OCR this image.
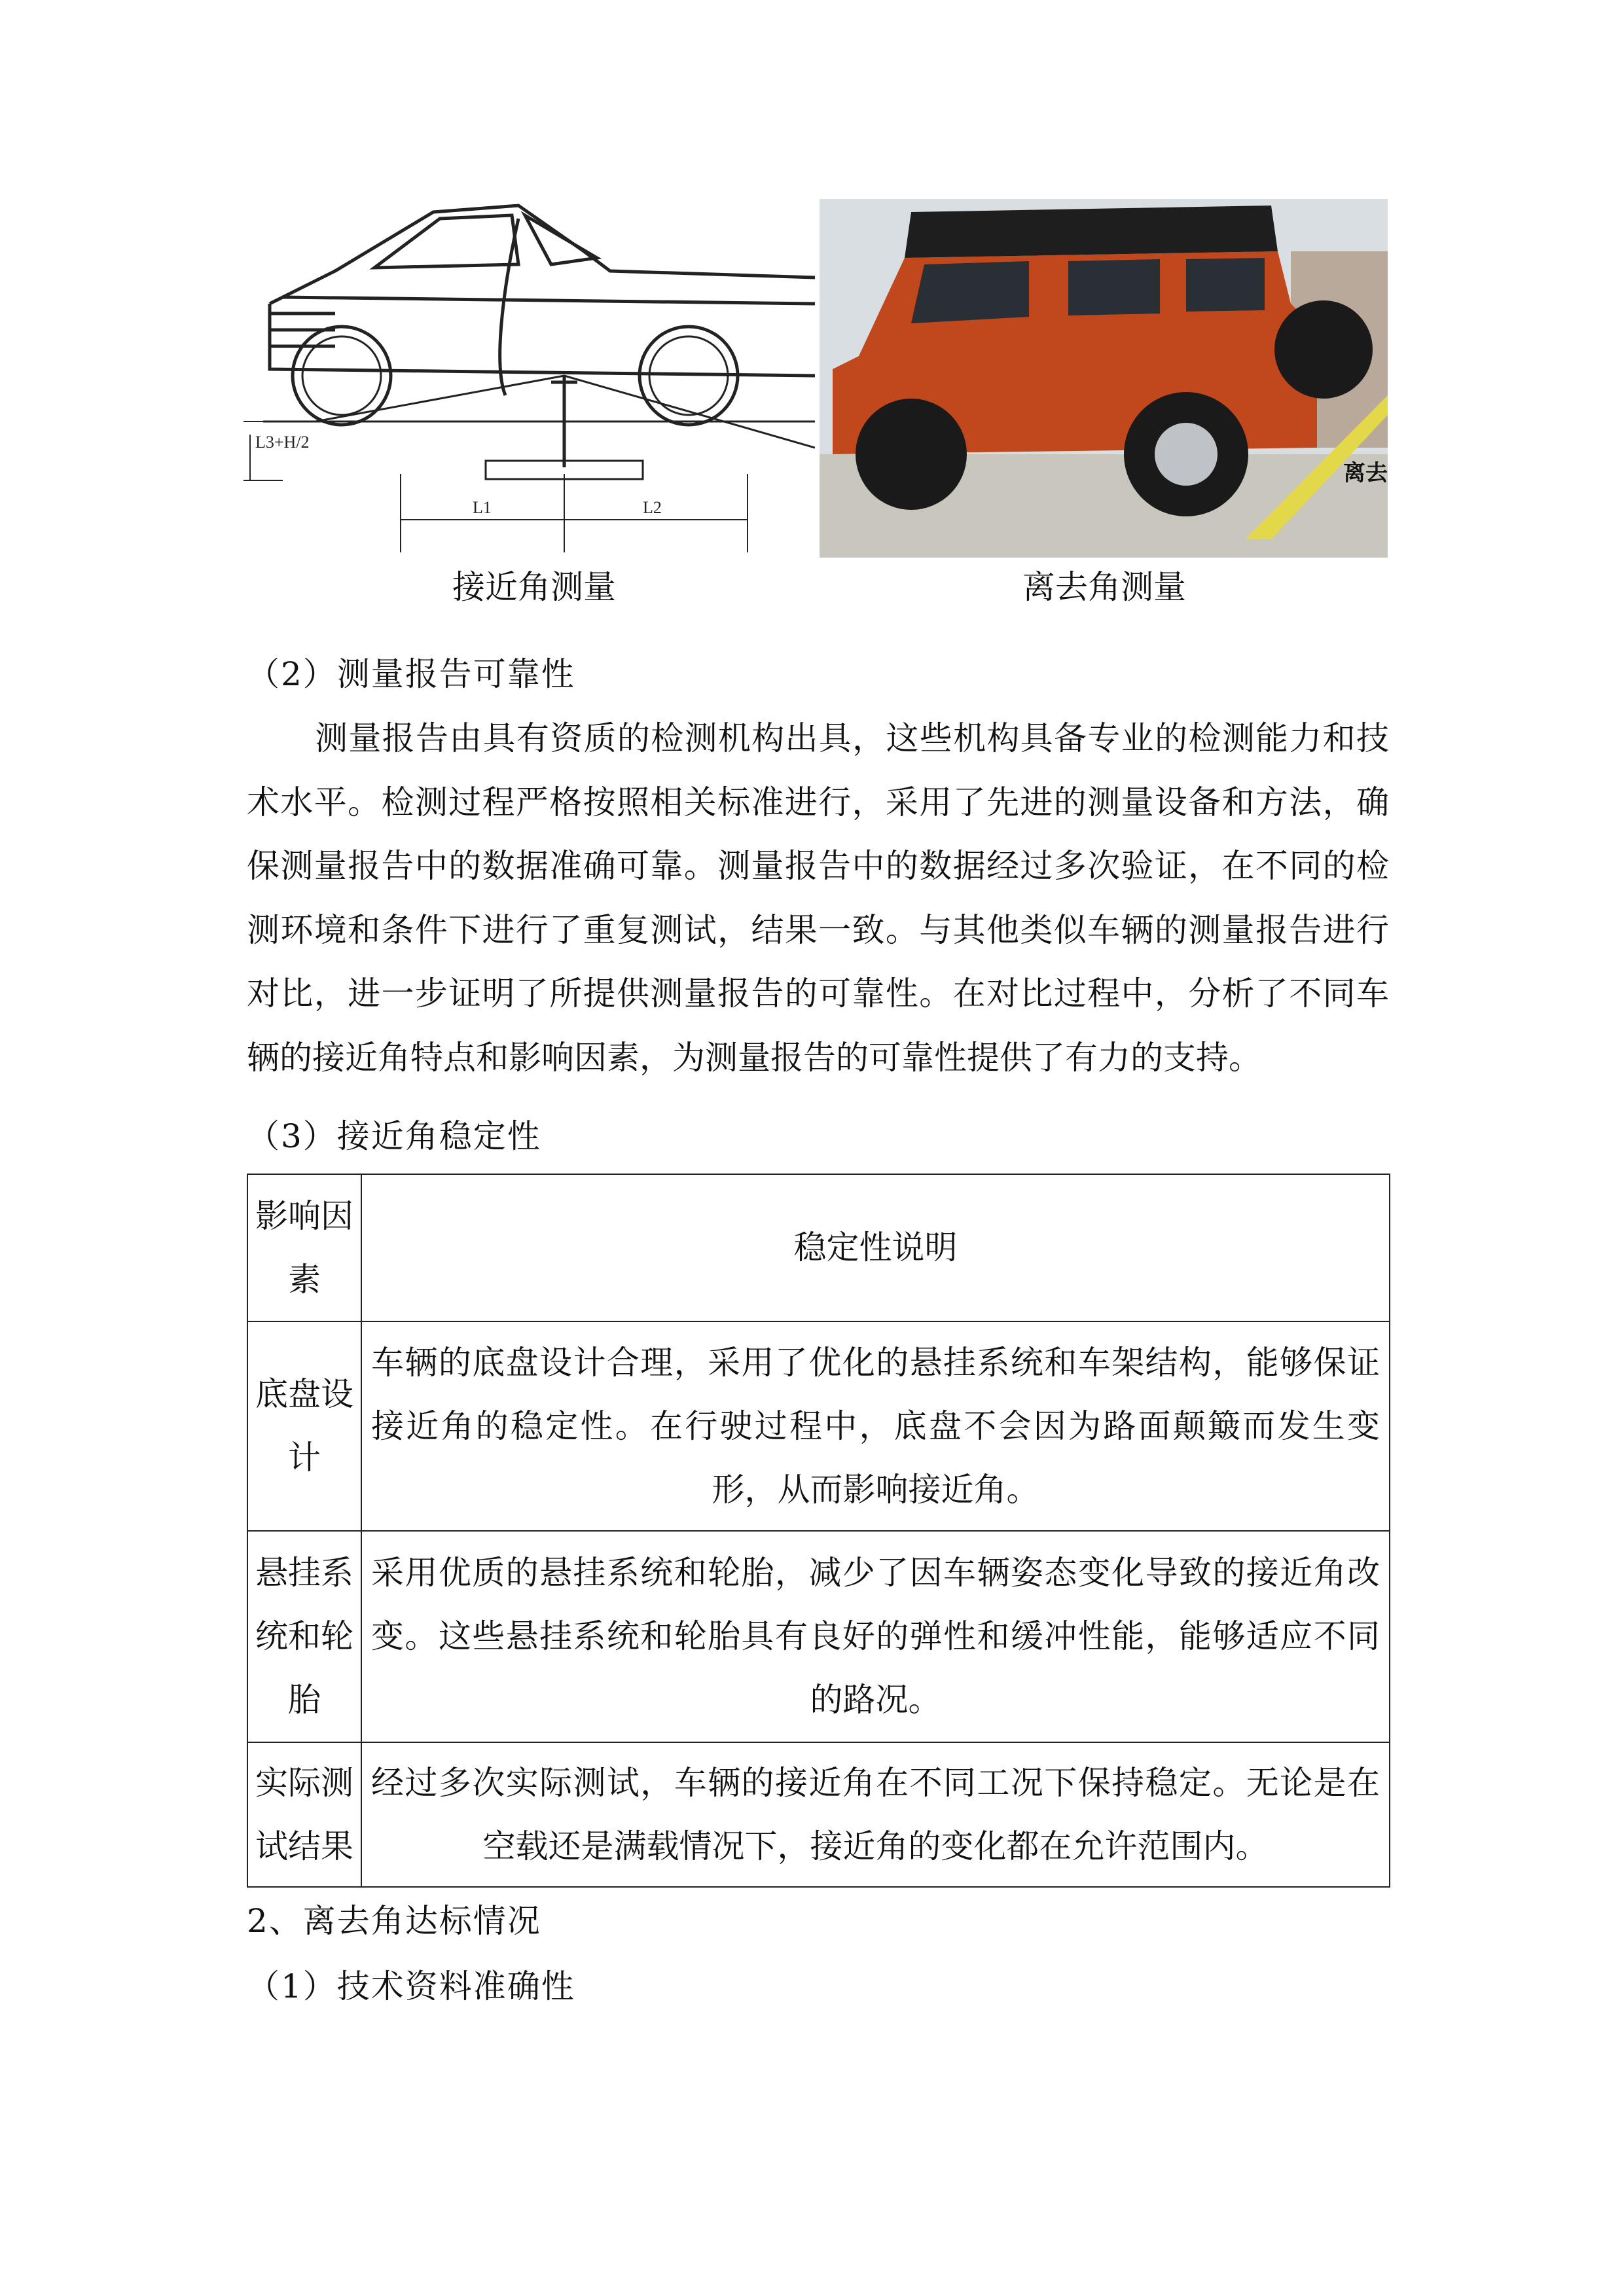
L3+H/2
L1	L2
离去
接近角测量	离去角测量
（2）测量报告可靠性
测量报告由具有资质的检测机构出具，这些机构具备专业的检测能力和技术水平。检测过程严格按照相关标准进行，采用了先进的测量设备和方法，确保测量报告中的数据准确可靠。测量报告中的数据经过多次验证，在不同的检测环境和条件下进行了重复测试，结果一致。与其他类似车辆的测量报告进行对比，进一步证明了所提供测量报告的可靠性。在对比过程中，分析了不同车辆的接近角特点和影响因素，为测量报告的可靠性提供了有力的支持。
（3）接近角稳定性
影响因素	稳定性说明
底盘设计	车辆的底盘设计合理，采用了优化的悬挂系统和车架结构，能够保证接近角的稳定性。在行驶过程中，底盘不会因为路面颠簸而发生变形，从而影响接近角。

悬挂系统和轮胎	采用优质的悬挂系统和轮胎，减少了因车辆姿态变化导致的接近角改变。这些悬挂系统和轮胎具有良好的弹性和缓冲性能，能够适应不同的路况。

实际测试结果	经过多次实际测试，车辆的接近角在不同工况下保持稳定。无论是在空载还是满载情况下，接近角的变化都在允许范围内。
2、离去角达标情况
（1）技术资料准确性
